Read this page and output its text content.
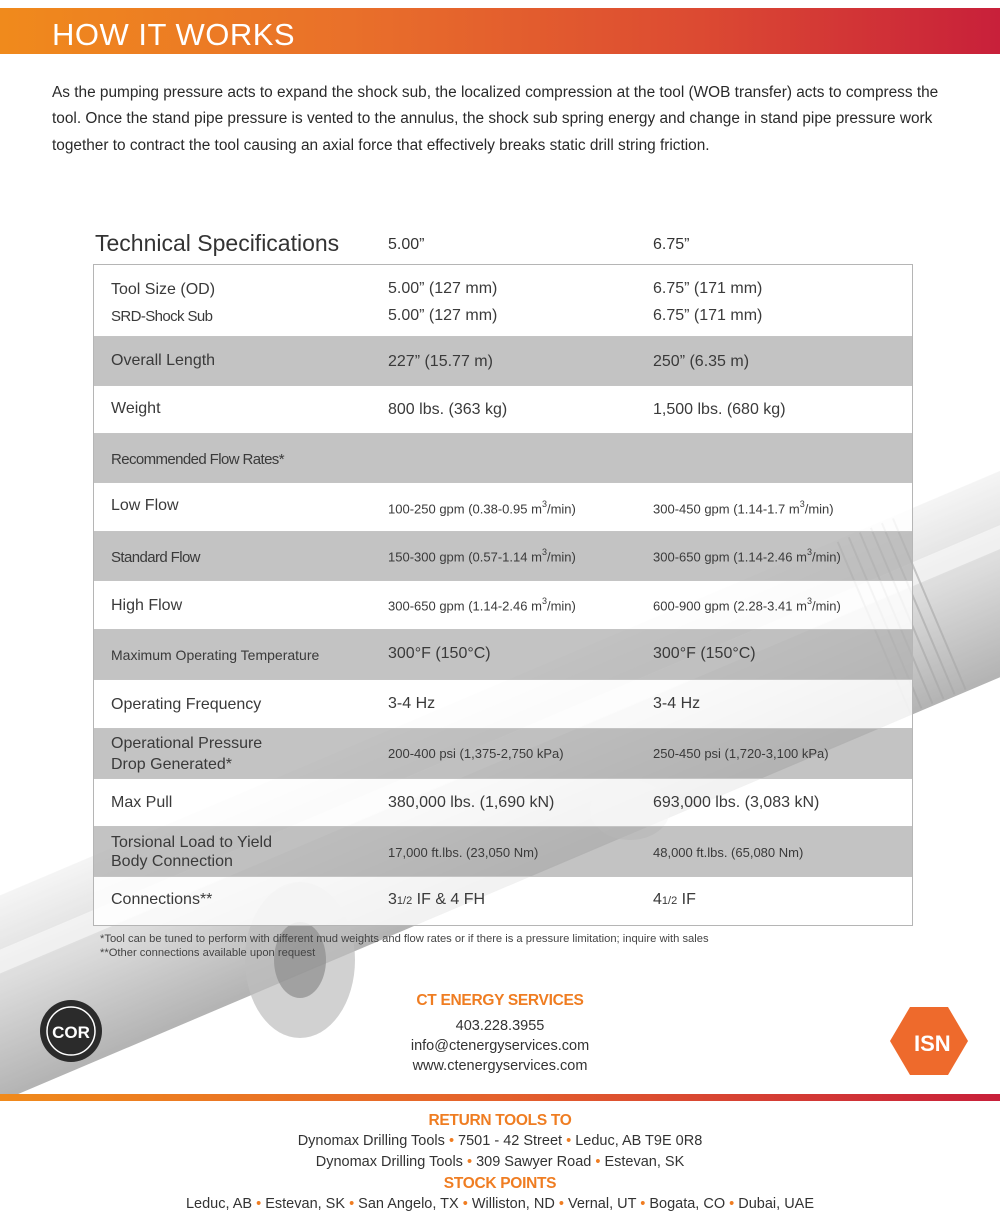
HOW IT WORKS
As the pumping pressure acts to expand the shock sub, the localized compression at the tool (WOB transfer) acts to compress the tool. Once the stand pipe pressure is vented to the annulus, the shock sub spring energy and change in stand pipe pressure work together to contract the tool causing an axial force that effectively breaks static drill string friction.
Technical Specifications	5.00”	6.75”
Tool Size (OD)	5.00” (127 mm)	6.75” (171 mm)
SRD-Shock Sub	5.00” (127 mm)	6.75” (171 mm)
Overall Length	227” (15.77 m)	250” (6.35 m)
Weight	800 lbs. (363 kg)	1,500 lbs. (680 kg)
Recommended Flow Rates*
Low Flow	100-250 gpm (0.38-0.95 $m^3/\min$)	300-450 gpm (1.14-1.7 $m^3/\min$)
Standard Flow	150-300 gpm (0.57-1.14 $m^3/\min$)	300-650 gpm (1.14-2.46 $m^3/\min$)
High Flow	300-650 gpm (1.14-2.46 $m^3/\min$)	600-900 gpm (2.28-3.41 $m^3/\min$)
Maximum Operating Temperature	300°F (150°C)	300°F (150°C)
Operating Frequency	3-4 Hz	3-4 Hz
Operational Pressure
Drop Generated*
200-400 psi (1,375-2,750 kPa)	250-450 psi (1,720-3,100 kPa)
Max Pull	380,000 lbs. (1,690 kN)	693,000 lbs. (3,083 kN)
Torsional Load to Yield
Body Connection
17,000 ft.lbs. (23,050 Nm)	48,000 ft.lbs. (65,080 Nm)
Connections**	31/2 IF & 4 FH	41/2 IF
*Tool can be tuned to perform with different mud weights and flow rates or if there is a pressure limitation; inquire with sales
**Other connections available upon request
COR
CT ENERGY SERVICES
403.228.3955
info@ctenergyservices.com
www.ctenergyservices.com
ISN
RETURN TOOLS TO
Dynomax Drilling Tools • 7501 - 42 Street • Leduc, AB T9E 0R8
Dynomax Drilling Tools • 309 Sawyer Road • Estevan, SK
STOCK POINTS
Leduc, AB • Estevan, SK • San Angelo, TX • Williston, ND • Vernal, UT • Bogata, CO • Dubai, UAE
